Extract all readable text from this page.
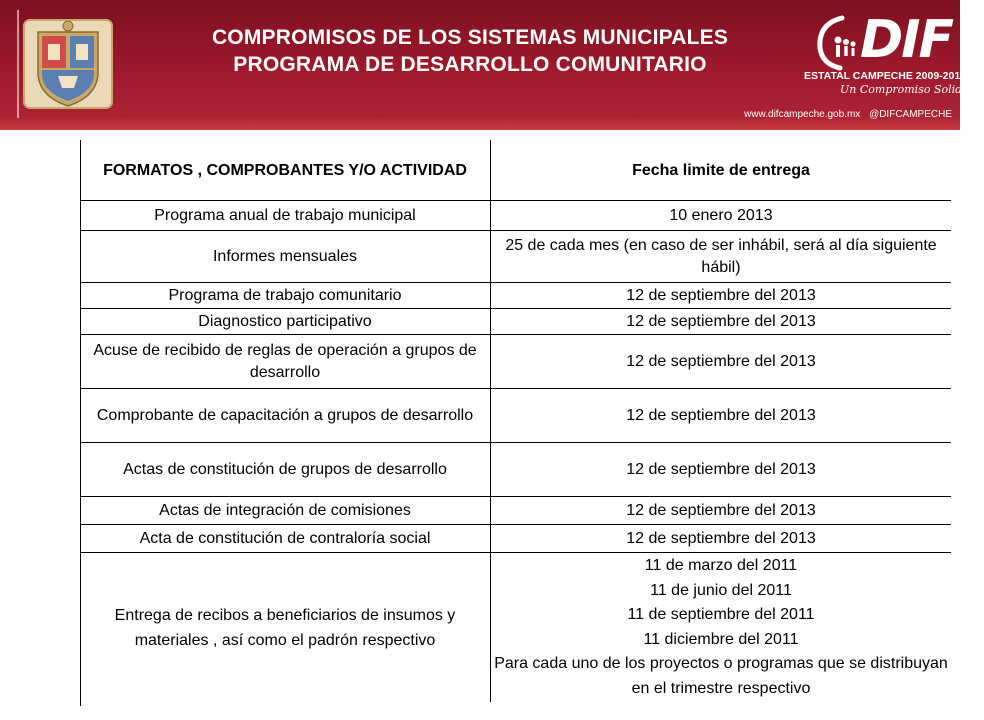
COMPROMISOS DE LOS SISTEMAS MUNICIPALES
PROGRAMA DE DESARROLLO COMUNITARIO	DIF
ESTATAL CAMPECHE 2009-2015
Un Compromiso Solidario
www.difcampeche.gob.mx @DIFCAMPECHE
FORMATOS , COMPROBANTES Y/O ACTIVIDAD	Fecha limite de entrega
Programa anual de trabajo municipal	10 enero 2013
Informes mensuales	25 de cada mes (en caso de ser inhábil, será al día siguiente hábil)
Programa de trabajo comunitario	12 de septiembre del 2013
Diagnostico participativo	12 de septiembre del 2013
Acuse de recibido de reglas de operación a grupos de desarrollo	12 de septiembre del 2013
Comprobante de capacitación a grupos de desarrollo	12 de septiembre del 2013
Actas de constitución de grupos de desarrollo	12 de septiembre del 2013
Actas de integración de comisiones	12 de septiembre del 2013
Acta de constitución de contraloría social	12 de septiembre del 2013
Entrega de recibos a beneficiarios de insumos y materiales , así como el padrón respectivo	11 de marzo del 2011
11 de junio del 2011
11 de septiembre del 2011
11 diciembre del 2011
Para cada uno de los proyectos o programas que se distribuyan en el trimestre respectivo
